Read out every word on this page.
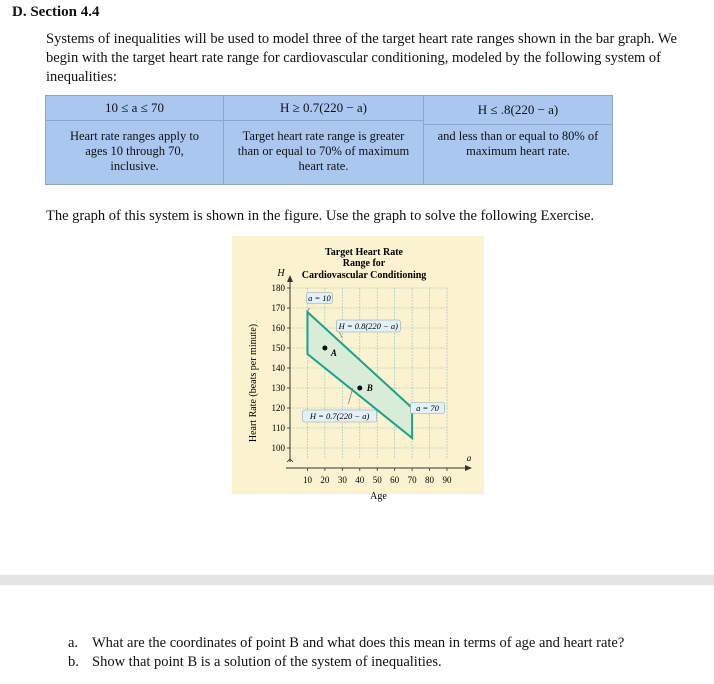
D. Section 4.4
Systems of inequalities will be used to model three of the target heart rate ranges shown in the bar graph. We begin with the target heart rate range for cardiovascular conditioning, modeled by the following system of inequalities:
10 ≤ a ≤ 70
Heart rate ranges apply to ages 10 through 70, inclusive.
H ≥ 0.7(220 − a)
Target heart rate range is greater than or equal to 70% of maximum heart rate.
H ≤ .8(220 − a)
and less than or equal to 80% of maximum heart rate.
The graph of this system is shown in the figure. Use the graph to solve the following Exercise.
Target Heart Rate
Range for
Cardiovascular Conditioning
100
110
120
130
140
150
160
170
180
10 20 30 40 50 60 70 80 90
Age
Heart Rate (beats per minute)
H
a
a = 10
H = 0.8(220 − a)
H = 0.7(220 − a)
a = 70
A
B
a. What are the coordinates of point B and what does this mean in terms of age and heart rate?
b. Show that point B is a solution of the system of inequalities.
